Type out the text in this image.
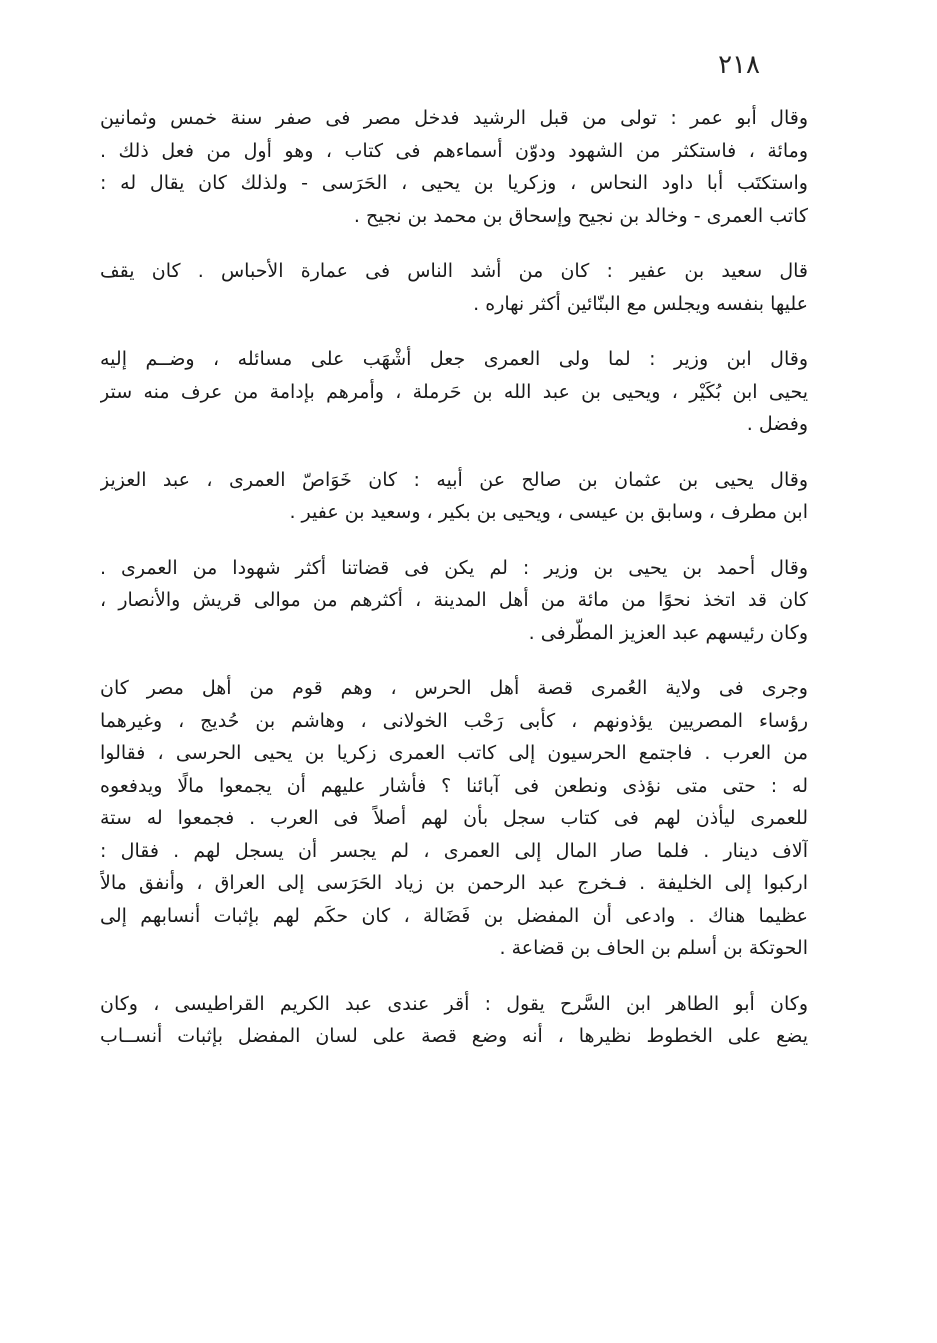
٢١٨
وقال أبو عمر : تولى من قبل الرشيد فدخل مصر فى صفر سنة خمس وثمانين
ومائة ، فاستكثر من الشهود ودوّن أسماءهم فى كتاب ، وهو أول من فعل ذلك .
واستكتَب أبا داود النحاس ، وزكريا بن يحيى ، الحَرَسى - ولذلك كان يقال له :
كاتب العمرى - وخالد بن نجيح وإسحاق بن محمد بن نجيح .
قال سعيد بن عفير : كان من أشد الناس فى عمارة الأحباس . كان يقف
عليها بنفسه ويجلس مع البنّائين أكثر نهاره .
وقال ابن وزير : لما ولى العمرى جعل أشْهَب على مسائله ، وضــم إليه
يحيى ابن بُكَيْر ، ويحيى بن عبد الله بن حَرملة ، وأمرهم بإدامة من عرف منه ستر
وفضل .
وقال يحيى بن عثمان بن صالح عن أبيه : كان خَوَاصّ العمرى ، عبد العزيز
ابن مطرف ، وسابق بن عيسى ، ويحيى بن بكير ، وسعيد بن عفير .
وقال أحمد بن يحيى بن وزير : لم يكن فى قضاتنا أكثر شهودا من العمرى .
كان قد اتخذ نحوًا من مائة من أهل المدينة ، أكثرهم من موالى قريش والأنصار ،
وكان رئيسهم عبد العزيز المطّرفى .
وجرى فى ولاية العُمرى قصة أهل الحرس ، وهم قوم من أهل مصر كان
رؤساء المصريين يؤذونهم ، كأبى رَحْب الخولانى ، وهاشم بن حُديج ، وغيرهما
من العرب . فاجتمع الحرسيون إلى كاتب العمرى زكريا بن يحيى الحرسى ، فقالوا
له : حتى متى نؤذى ونطعن فى آبائنا ؟ فأشار عليهم أن يجمعوا مالًا ويدفعوه
للعمرى ليأذن لهم فى كتاب سجل بأن لهم أصلاً فى العرب . فجمعوا له ستة
آلاف دينار . فلما صار المال إلى العمرى ، لم يجسر أن يسجل لهم . فقال :
اركبوا إلى الخليفة . فـخرج عبد الرحمن بن زياد الحَرَسى إلى العراق ، وأنفق مالاً
عظيما هناك . وادعى أن المفضل بن فَضَالة ، كان حكَم لهم بإثبات أنسابهم إلى
الحوتكة بن أسلم بن الحاف بن قضاعة .
وكان أبو الطاهر ابن السَّرح يقول : أقر عندى عبد الكريم القراطيسى ، وكان
يضع على الخطوط نظيرها ، أنه وضع قصة على لسان المفضل بإثبات أنســاب
